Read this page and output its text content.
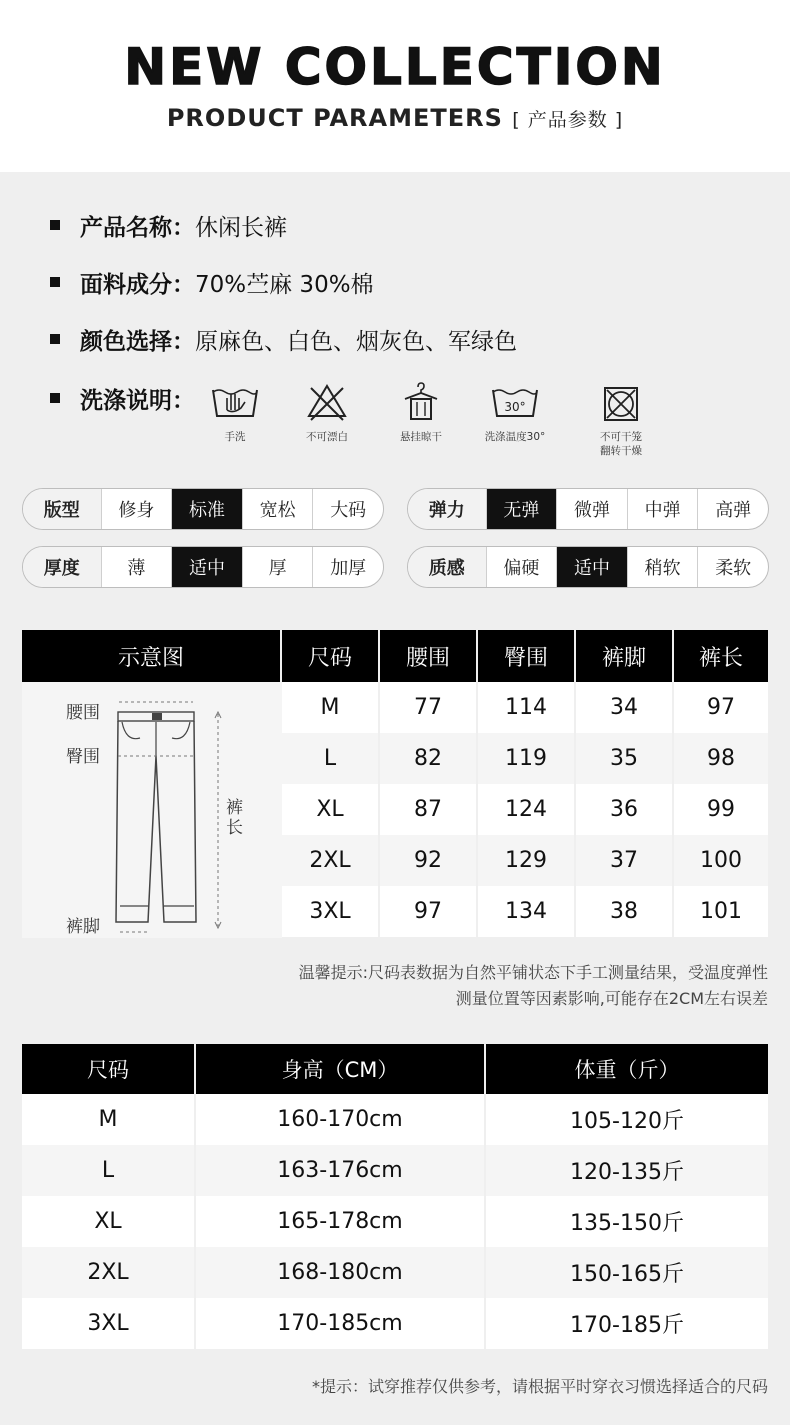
NEW COLLECTION
PRODUCT PARAMETERS [ 产品参数 ]
产品名称： 休闲长裤
面料成分： 70%苎麻 30%棉
颜色选择： 原麻色、白色、烟灰色、军绿色
洗涤说明：
手洗	不可漂白	悬挂晾干
30°
洗涤温度30°	不可干笼
翻转干燥
版型	修身	标准	宽松	大码	弹力	无弹	微弹	中弹	高弹
厚度	薄	适中	厚	加厚	质感	偏硬	适中	稍软	柔软
示意图	尺码	腰围	臀围	裤脚	裤长
腰围
臀围
裤
长
裤脚
M	77	114	34	97
L	82	119	35	98
XL	87	124	36	99
2XL	92	129	37	100
3XL	97	134	38	101
温馨提示:尺码表数据为自然平铺状态下手工测量结果，受温度弹性
测量位置等因素影响,可能存在2CM左右误差
尺码	身高（CM）	体重（斤）
M	160-170cm	105-120斤
L	163-176cm	120-135斤
XL	165-178cm	135-150斤
2XL	168-180cm	150-165斤
3XL	170-185cm	170-185斤
*提示：试穿推荐仅供参考，请根据平时穿衣习惯选择适合的尺码
